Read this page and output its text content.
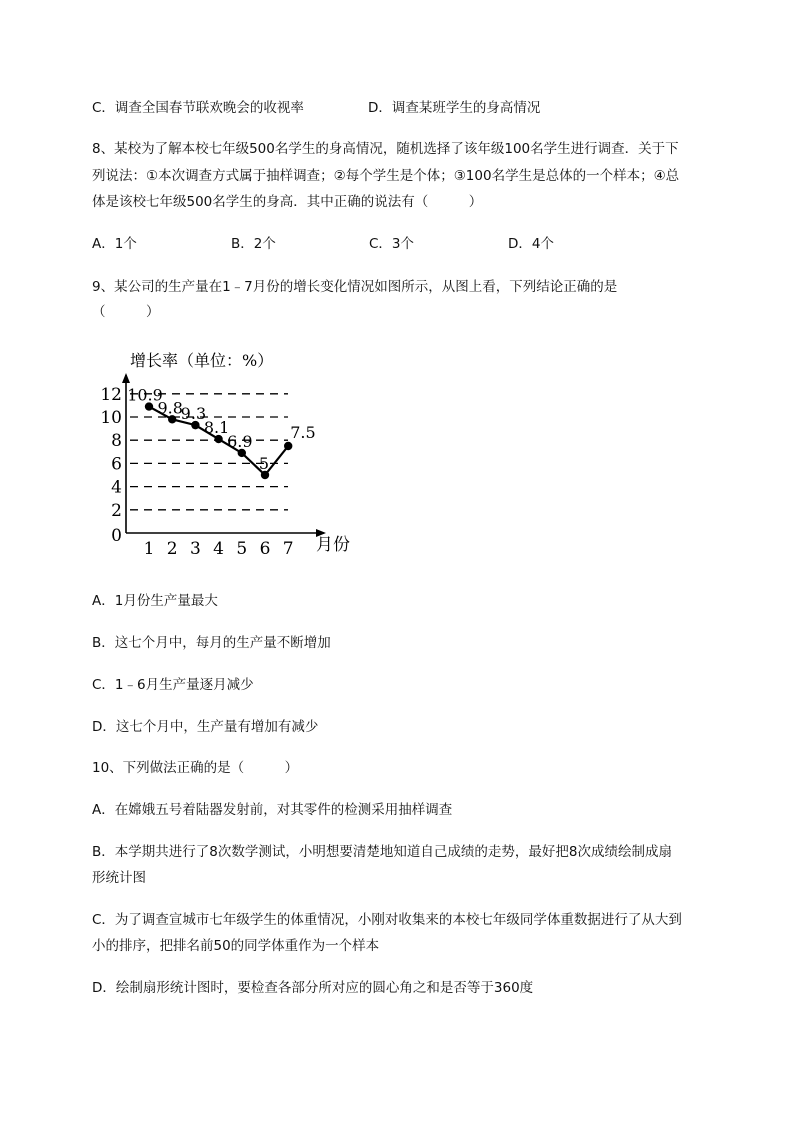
C．调查全国春节联欢晚会的收视率	D．调查某班学生的身高情况
8、某校为了解本校七年级500名学生的身高情况，随机选择了该年级100名学生进行调查．关于下
列说法：①本次调查方式属于抽样调查；②每个学生是个体；③100名学生是总体的一个样本；④总
体是该校七年级500名学生的身高．其中正确的说法有（　　　）
A．1个	B．2个	C．3个	D．4个
9、某公司的生产量在1﹣7月份的增长变化情况如图所示，从图上看，下列结论正确的是
（　　　）
增长率（单位：%）
0
2
4
6
8
10
12
1 2 3 4 5 6 7
10.9
9.8
9.3
8.1
6.9
5
7.5
月份
A．1月份生产量最大
B．这七个月中，每月的生产量不断增加
C．1﹣6月生产量逐月减少
D．这七个月中，生产量有增加有减少
10、下列做法正确的是（　　　）
A．在嫦娥五号着陆器发射前，对其零件的检测采用抽样调查
B．本学期共进行了8次数学测试，小明想要清楚地知道自己成绩的走势，最好把8次成绩绘制成扇
形统计图
C．为了调查宣城市七年级学生的体重情况，小刚对收集来的本校七年级同学体重数据进行了从大到
小的排序，把排名前50的同学体重作为一个样本
D．绘制扇形统计图时，要检查各部分所对应的圆心角之和是否等于360度
